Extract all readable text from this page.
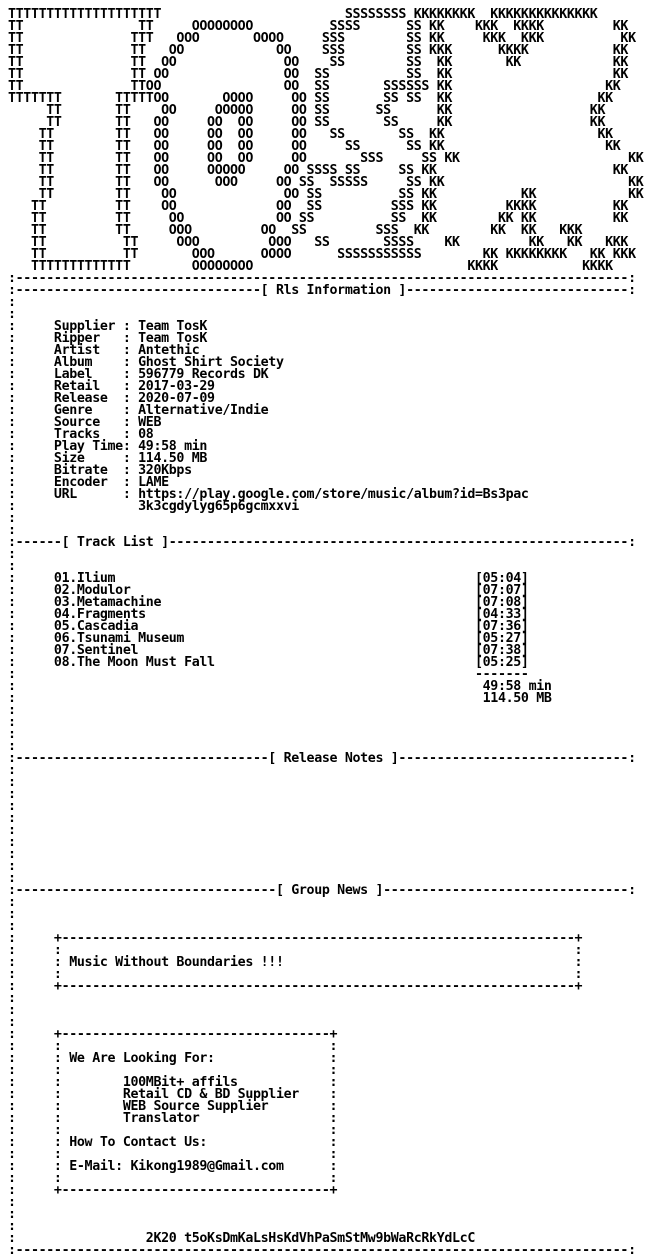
TTTTTTTTTTTTTTTTTTTT                        SSSSSSSS KKKKKKKK  KKKKKKKKKKKKKK
TT               TT     OOOOOOOO          SSSS      SS KK    KKK  KKKK         KK
TT              TTT   OOO       OOOO     SSS        SS KK     KKK  KKK          KK
TT              TT   OO            OO    SSS        SS KKK      KKKK           KK
TT              TT  OO              OO    SS        SS  KK       KK            KK
TT              TT OO               OO  SS          SS  KK                     KK
TT              TTOO                OO  SS       SSSSSS KK                    KK
TTTTTTT       TTTTTOO       OOOO     OO SS       SS SS  KK                   KK
TT       TT    OO     OOOOO     OO SS      SS      KK                  KK
TT       TT   OO     OO  OO     OO SS       SS     KK                  KK
TT        TT   OO     OO  OO     OO   SS       SS  KK                    KK
TT        TT   OO     OO  OO     OO     SS      SS KK                     KK
TT        TT   OO     OO  OO     OO       SSS     SS KK                      KK
TT        TT   OO     OOOOO     OO SSSS SS     SS KK                       KK
TT        TT   OO      OOO     OO SS  SSSSS     SS KK                        KK
TT        TT    OO              OO SS          SS KK           KK            KK
TT         TT    OO             OO  SS         SSS KK         KKKK          KK
TT         TT     OO            OO SS          SS  KK        KK KK          KK
TT         TT     OOO         OO  SS         SSS  KK        KK  KK   KKK
TT          TT     OOO         OOO   SS       SSSS    KK         KK   KK   KKK
TT          TT       OOO      OOOO      SSSSSSSSSSS        KK KKKKKKKK   KK KKK
TTTTTTTTTTTTT        OOOOOOOO                            KKKK           KKKK
:--------------------------------------------------------------------------------:
:--------------------------------[ Rls Information ]-----------------------------:
:
:
:     Supplier : Team TosK
:     Ripper   : Team TosK
:     Artist   : Antethic
:     Album    : Ghost Shirt Society
:     Label    : 596779 Records DK
:     Retail   : 2017-03-29
:     Release  : 2020-07-09
:     Genre    : Alternative/Indie
:     Source   : WEB
:     Tracks   : 08
:     Play Time: 49:58 min
:     Size     : 114.50 MB
:     Bitrate  : 320Kbps
:     Encoder  : LAME
:     URL      : https://play.google.com/store/music/album?id=Bs3pac
:                3k3cgdylyg65p6gcmxxvi
:
:
:------[ Track List ]------------------------------------------------------------:
:
:
:     01.Ilium                                               [05:04]
:     02.Modulor                                             [07:07]
:     03.Metamachine                                         [07:08]
:     04.Fragments                                           [04:33]
:     05.Cascadia                                            [07:36]
:     06.Tsunami Museum                                      [05:27]
:     07.Sentinel                                            [07:38]
:     08.The Moon Must Fall                                  [05:25]
:                                                            -------
:                                                             49:58 min
:                                                             114.50 MB
:
:
:
:
:---------------------------------[ Release Notes ]------------------------------:
:
:
:
:
:
:
:
:
:
:
:----------------------------------[ Group News ]--------------------------------:
:
:
:
:     +-------------------------------------------------------------------+
:     :                                                                   :
:     : Music Without Boundaries !!!                                      :
:     :                                                                   :
:     +-------------------------------------------------------------------+
:
:
:
:     +-----------------------------------+
:     :                                   :
:     : We Are Looking For:               :
:     :                                   :
:     :        100MBit+ affils            :
:     :        Retail CD & BD Supplier    :
:     :        WEB Source Supplier        :
:     :        Translator                 :
:     :                                   :
:     : How To Contact Us:                :
:     :                                   :
:     : E-Mail: Kikong1989@Gmail.com      :
:     :                                   :
:     +-----------------------------------+
:
:
:
:                 2K20 t5oKsDmKaLsHsKdVhPaSmStMw9bWaRcRkYdLcC
:--------------------------------------------------------------------------------:
